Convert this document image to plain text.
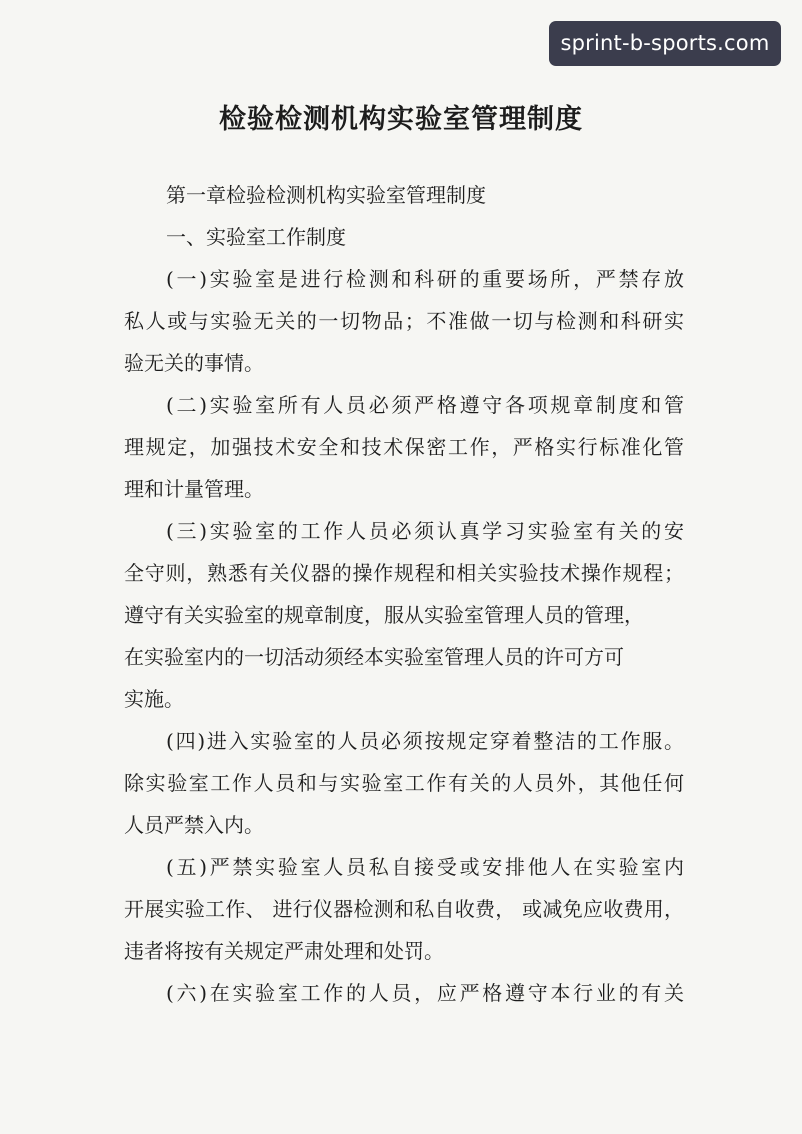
sprint-b-sports.com
检验检测机构实验室管理制度
第一章检验检测机构实验室管理制度
一、实验室工作制度
(一)实验室是进行检测和科研的重要场所，严禁存放
私人或与实验无关的一切物品；不准做一切与检测和科研实
验无关的事情。
(二)实验室所有人员必须严格遵守各项规章制度和管
理规定，加强技术安全和技术保密工作，严格实行标准化管
理和计量管理。
(三)实验室的工作人员必须认真学习实验室有关的安
全守则，熟悉有关仪器的操作规程和相关实验技术操作规程；
遵守有关实验室的规章制度，服从实验室管理人员的管理，
在实验室内的一切活动须经本实验室管理人员的许可方可
实施。
(四)进入实验室的人员必须按规定穿着整洁的工作服。
除实验室工作人员和与实验室工作有关的人员外，其他任何
人员严禁入内。
(五)严禁实验室人员私自接受或安排他人在实验室内
开展实验工作、 进行仪器检测和私自收费， 或减免应收费用，
违者将按有关规定严肃处理和处罚。
(六)在实验室工作的人员，应严格遵守本行业的有关
